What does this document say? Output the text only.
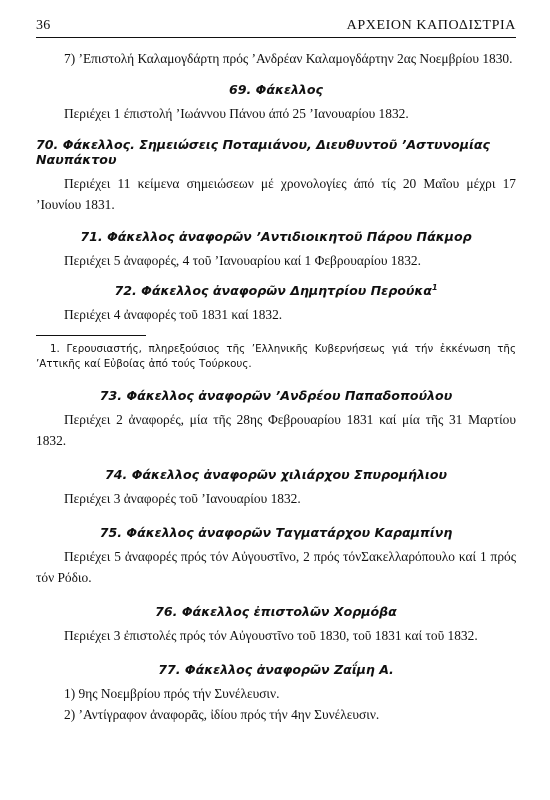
36	ΑΡΧΕΙΟΝ ΚΑΠΟΔΙΣΤΡΙΑ

7) ’Επιστολή Καλαμογδάρτη πρός ’Ανδρέαν Καλαμογδάρτην 2ας Νοεμβρίου 1830.

69. Φάκελλος

Περιέχει 1 έπιστολή ’Ιωάννου Πάνου άπό 25 ’Ιανουαρίου 1832.

70. Φάκελλος. Σημειώσεις Ποταμιάνου, Διευθυντοῦ ’Αστυνομίας Ναυπάκτου

Περιέχει 11 κείμενα σημειώσεων μέ χρονολογίες άπό τίς 20 Μαΐου μέχρι 17 ’Ιουνίου 1831.

71. Φάκελλος ἀναφορῶν ’Αντιδιοικητοῦ Πάρου Πάκμορ

Περιέχει 5 ἀναφορές, 4 τοῦ ’Ιανουαρίου καί 1 Φεβρουαρίου 1832.

72. Φάκελλος ἀναφορῶν Δημητρίου Περούκα$^1$

Περιέχει 4 ἀναφορές τοῦ 1831 καί 1832.

1. Γερουσιαστής, πληρεξούσιος τῆς ’Ελληνικῆς Κυβερνήσεως γιά τήν ἐκκένωση τῆς ’Αττικῆς καί Εὐβοίας ἀπό τούς Τούρκους.

73. Φάκελλος ἀναφορῶν ’Ανδρέου Παπαδοπούλου

Περιέχει 2 ἀναφορές, μία τῆς 28ης Φεβρουαρίου 1831 καί μία τῆς 31 Μαρτίου 1832.

74. Φάκελλος ἀναφορῶν χιλιάρχου Σπυρομήλιου

Περιέχει 3 ἀναφορές τοῦ ’Ιανουαρίου 1832.

75. Φάκελλος ἀναφορῶν Ταγματάρχου Καραμπίνη

Περιέχει 5 ἀναφορές πρός τόν Αὐγουστῖνο, 2 πρός τόνΣακελλαρόπουλο καί 1 πρός τόν Ρόδιο.

76. Φάκελλος ἐπιστολῶν Χορμόβα

Περιέχει 3 ἐπιστολές πρός τόν Αὐγουστῖνο τοῦ 1830, τοῦ 1831 καί τοῦ 1832.

77. Φάκελλος ἀναφορῶν Ζαΐμη Α.

1) 9ης Νοεμβρίου πρός τήν Συνέλευσιν.

2) ’Αντίγραφον ἀναφορᾶς, ἰδίου πρός τήν 4ην Συνέλευσιν.
